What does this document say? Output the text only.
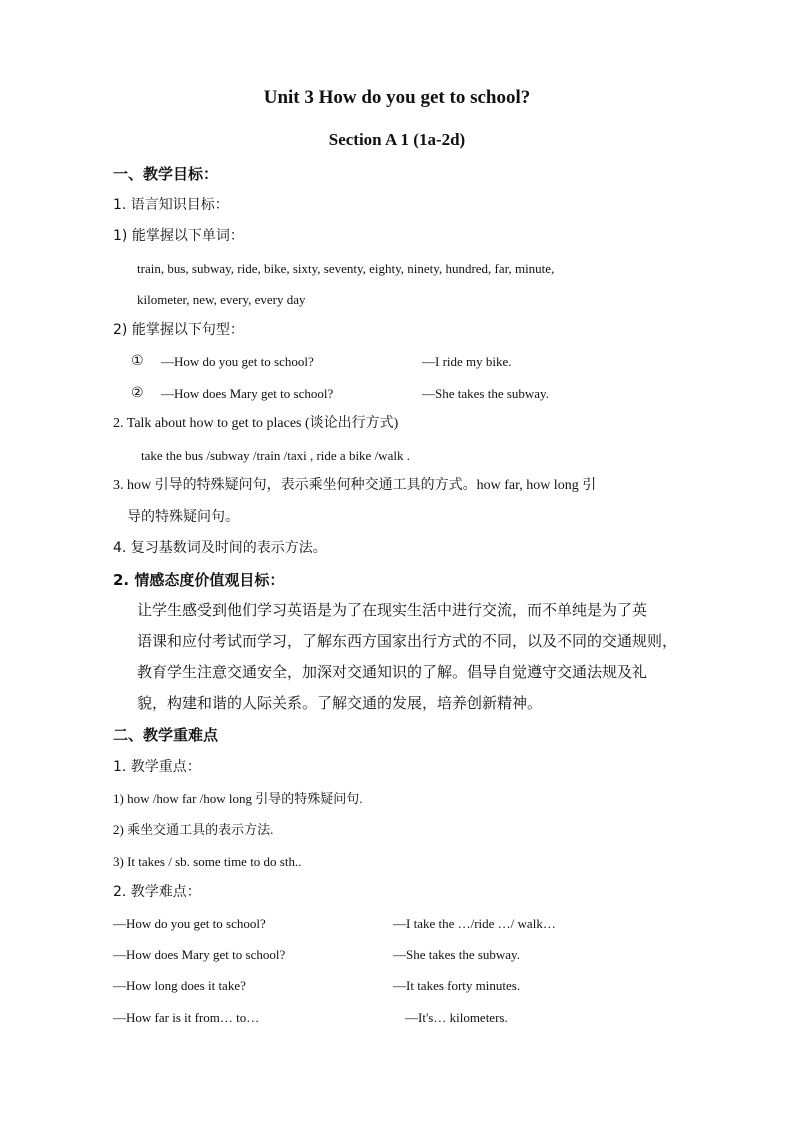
Unit 3 How do you get to school?
Section A 1 (1a-2d)
一、教学目标：
1. 语言知识目标：
1) 能掌握以下单词：
train, bus, subway, ride, bike, sixty, seventy, eighty, ninety, hundred, far, minute,
kilometer, new, every, every day
2) 能掌握以下句型：
① —How do you get to school?	—I ride my bike.
② —How does Mary get to school?	—She takes the subway.
2. Talk about how to get to places (谈论出行方式)
take the bus /subway /train /taxi , ride a bike /walk .
3. how 引导的特殊疑问句，表示乘坐何种交通工具的方式。how far, how long 引
导的特殊疑问句。
4. 复习基数词及时间的表示方法。
2. 情感态度价值观目标：
让学生感受到他们学习英语是为了在现实生活中进行交流，而不单纯是为了英
语课和应付考试而学习，了解东西方国家出行方式的不同，以及不同的交通规则，
教育学生注意交通安全，加深对交通知识的了解。倡导自觉遵守交通法规及礼
貌，构建和谐的人际关系。了解交通的发展，培养创新精神。
二、教学重难点
1. 教学重点：
1) how /how far /how long 引导的特殊疑问句.
2) 乘坐交通工具的表示方法.
3) It takes / sb. some time to do sth..
2. 教学难点：
—How do you get to school?	—I take the …/ride …/ walk…
—How does Mary get to school?	—She takes the subway.
—How long does it take?	—It takes forty minutes.
—How far is it from… to…	—It's… kilometers.
